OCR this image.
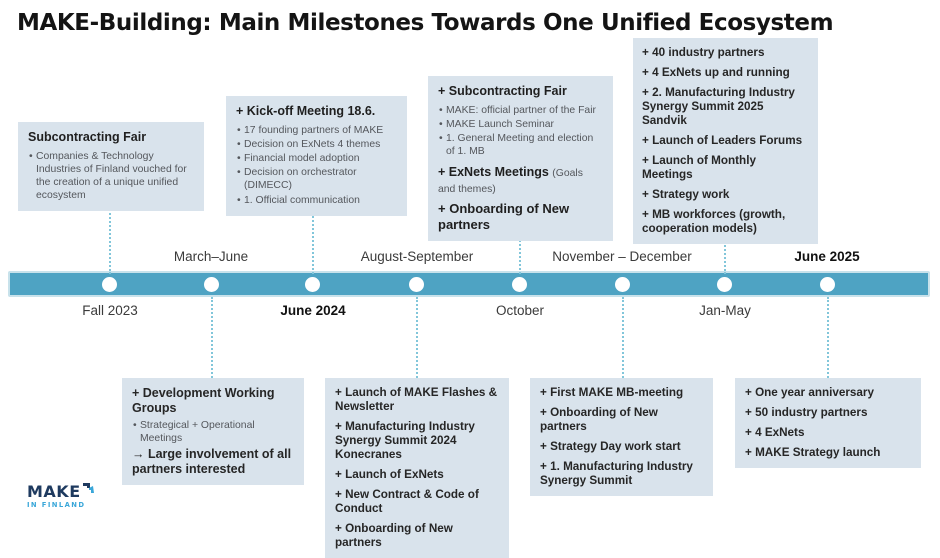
MAKE-Building: Main Milestones Towards One Unified Ecosystem
Subcontracting Fair
• Companies & Technology Industries of Finland vouched for the creation of a unique unified ecosystem
+ Kick-off Meeting 18.6.
• 17 founding partners of MAKE
• Decision on ExNets 4 themes
• Financial model adoption
• Decision on orchestrator (DIMECC)
• 1. Official communication
+ Subcontracting Fair
• MAKE: official partner of the Fair
• MAKE Launch Seminar
• 1. General Meeting and election of 1. MB
+ ExNets Meetings (Goals and themes)
+ Onboarding of New partners
+ 40 industry partners
+ 4 ExNets up and running
+ 2. Manufacturing Industry Synergy Summit 2025 Sandvik
+ Launch of Leaders Forums
+ Launch of Monthly Meetings
+ Strategy work
+ MB workforces (growth, cooperation models)
March–June	August-September	November – December	June 2025
Fall 2023	June 2024	October	Jan-May
+ Development Working Groups
• Strategical + Operational Meetings
→ Large involvement of all partners interested
+ Launch of MAKE Flashes & Newsletter
+ Manufacturing Industry Synergy Summit 2024 Konecranes
+ Launch of ExNets
+ New Contract & Code of Conduct
+ Onboarding of New partners
+ First MAKE MB-meeting
+ Onboarding of New partners
+ Strategy Day work start
+ 1. Manufacturing Industry Synergy Summit
+ One year anniversary
+ 50 industry partners
+ 4 ExNets
+ MAKE Strategy launch
MAKE
IN FINLAND
